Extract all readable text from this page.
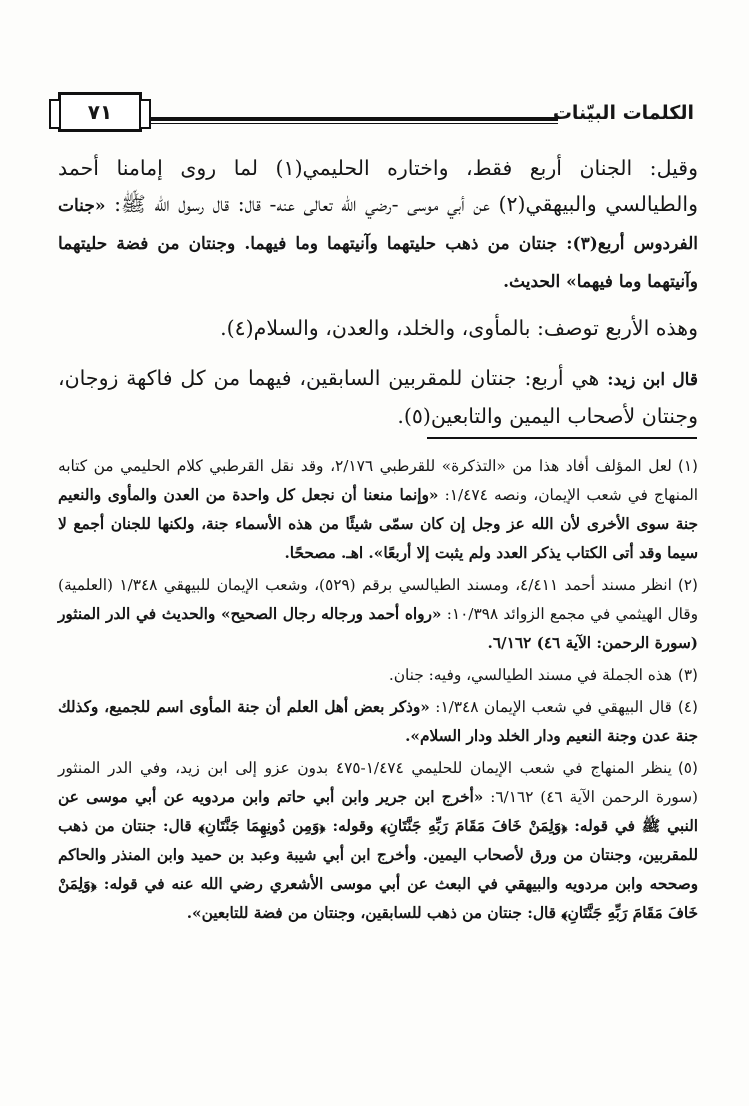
الكلمات البيّنات
٧١

وقيل: الجنان أربع فقط، واختاره الحليمي(١) لما روى إمامنا أحمد والطيالسي والبيهقي(٢) عن أبي موسى -رضي الله تعالى عنه- قال: قال رسول الله ﷺ: «جنات الفردوس أربع(٣): جنتان من ذهب حليتهما وآنيتهما وما فيهما. وجنتان من فضة حليتهما وآنيتهما وما فيهما» الحديث.

وهذه الأربع توصف: بالمأوى، والخلد، والعدن، والسلام(٤).

قال ابن زيد: هي أربع: جنتان للمقربين السابقين، فيهما من كل فاكهة زوجان، وجنتان لأصحاب اليمين والتابعين(٥).

(١)لعل المؤلف أفاد هذا من «التذكرة» للقرطبي ٢/١٧٦، وقد نقل القرطبي كلام الحليمي من كتابه المنهاج في شعب الإيمان، ونصه ١/٤٧٤: «وإنما منعنا أن نجعل كل واحدة من العدن والمأوى والنعيم جنة سوى الأخرى لأن الله عز وجل إن كان سمّى شيئًا من هذه الأسماء جنة، ولكنها للجنان أجمع لا سيما وقد أتى الكتاب يذكر العدد ولم يثبت إلا أربعًا». اهـ. مصححًا.

(٢)انظر مسند أحمد ٤/٤١١، ومسند الطيالسي برقم (٥٢٩)، وشعب الإيمان للبيهقي ١/٣٤٨ (العلمية) وقال الهيثمي في مجمع الزوائد ١٠/٣٩٨: «رواه أحمد ورجاله رجال الصحيح» والحديث في الدر المنثور (سورة الرحمن: الآية ٤٦) ٦/١٦٢.

(٣)هذه الجملة في مسند الطيالسي، وفيه: جنان.

(٤)قال البيهقي في شعب الإيمان ١/٣٤٨: «وذكر بعض أهل العلم أن جنة المأوى اسم للجميع، وكذلك جنة عدن وجنة النعيم ودار الخلد ودار السلام».

(٥)ينظر المنهاج في شعب الإيمان للحليمي ١/٤٧٤-٤٧٥ بدون عزو إلى ابن زيد، وفي الدر المنثور (سورة الرحمن الآية ٤٦) ٦/١٦٢: «أخرج ابن جرير وابن أبي حاتم وابن مردويه عن أبي موسى عن النبي ﷺ في قوله: ﴿وَلِمَنْ خَافَ مَقَامَ رَبِّهِ جَنَّتَانِ﴾ وقوله: ﴿وَمِن دُونِهِمَا جَنَّتَانِ﴾ قال: جنتان من ذهب للمقربين، وجنتان من ورق لأصحاب اليمين. وأخرج ابن أبي شيبة وعبد بن حميد وابن المنذر والحاكم وصححه وابن مردويه والبيهقي في البعث عن أبي موسى الأشعري رضي الله عنه في قوله: ﴿وَلِمَنْ خَافَ مَقَامَ رَبِّهِ جَنَّتَانِ﴾ قال: جنتان من ذهب للسابقين، وجنتان من فضة للتابعين».
